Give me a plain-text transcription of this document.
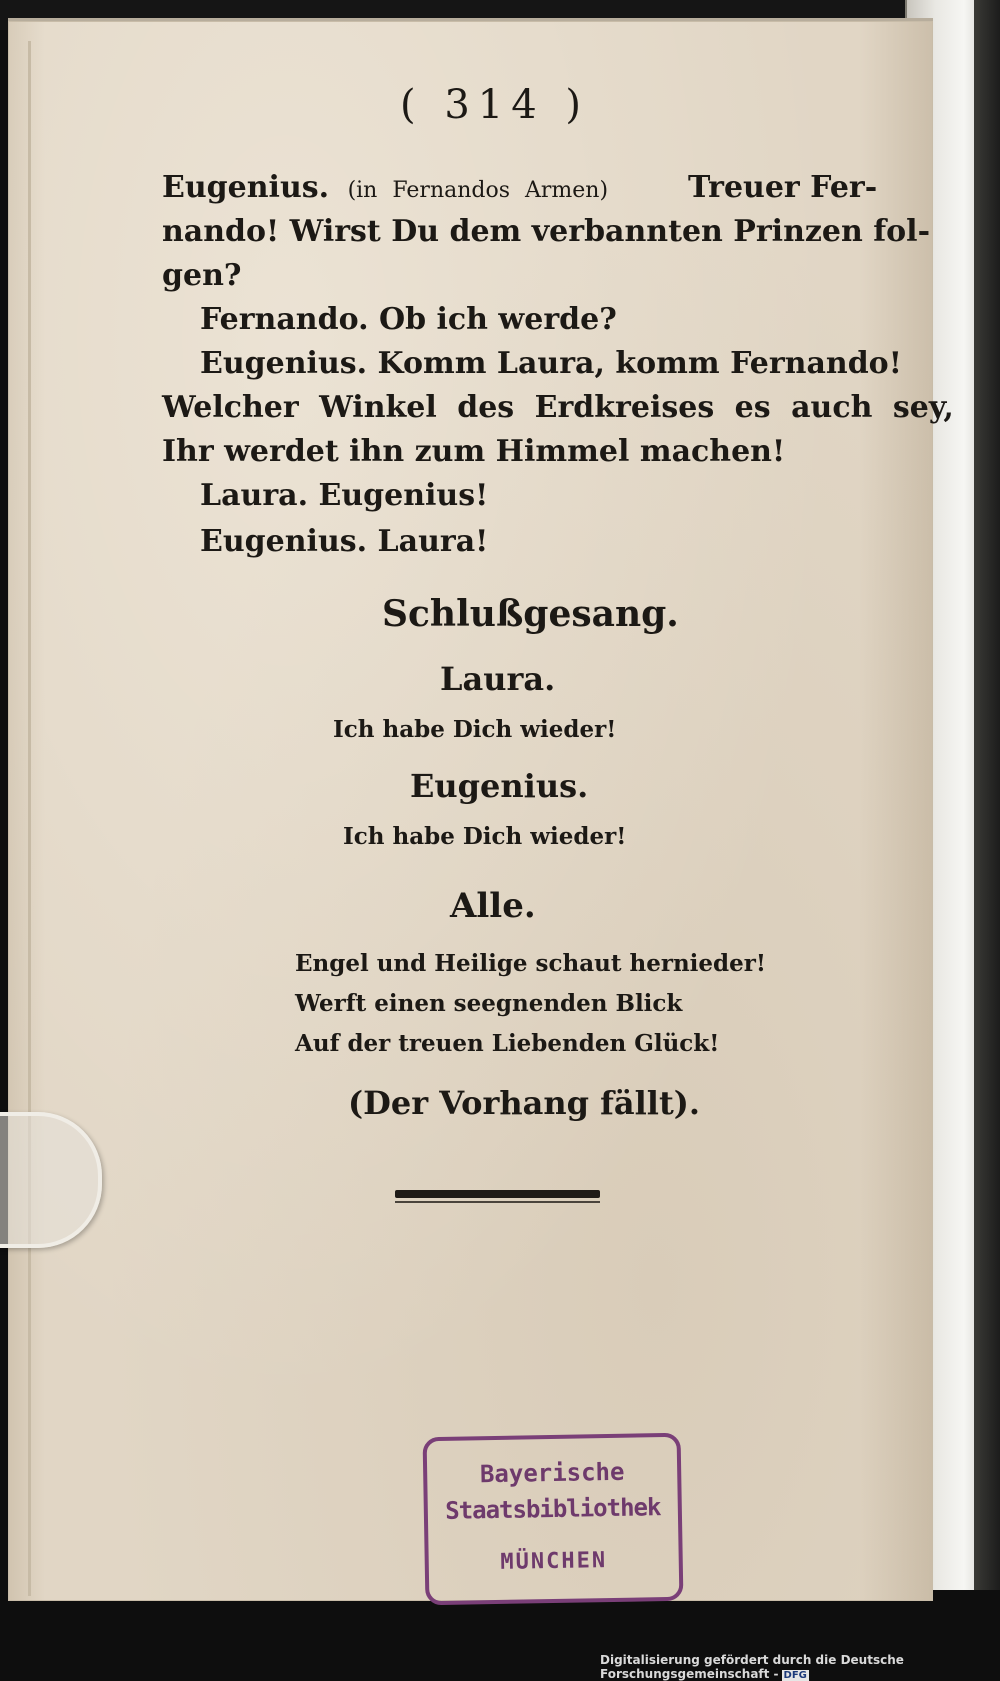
( 314 )
Eugenius. (in Fernandos Armen)	Treuer Fer-
nando! Wirst Du dem verbannten Prinzen fol-
gen?
Fernando. Ob ich werde?
Eugenius. Komm Laura, komm Fernando!
Welcher Winkel des Erdkreises es auch sey,
Ihr werdet ihn zum Himmel machen!
Laura. Eugenius!
Eugenius. Laura!
Schlußgesang.
Laura.
Ich habe Dich wieder!
Eugenius.
Ich habe Dich wieder!
Alle.
Engel und Heilige schaut hernieder!
Werft einen seegnenden Blick
Auf der treuen Liebenden Glück!
(Der Vorhang fällt).
Bayerische
Staatsbibliothek
MÜNCHEN
Digitalisierung gefördert durch die Deutsche Forschungsgemeinschaft - DFG
